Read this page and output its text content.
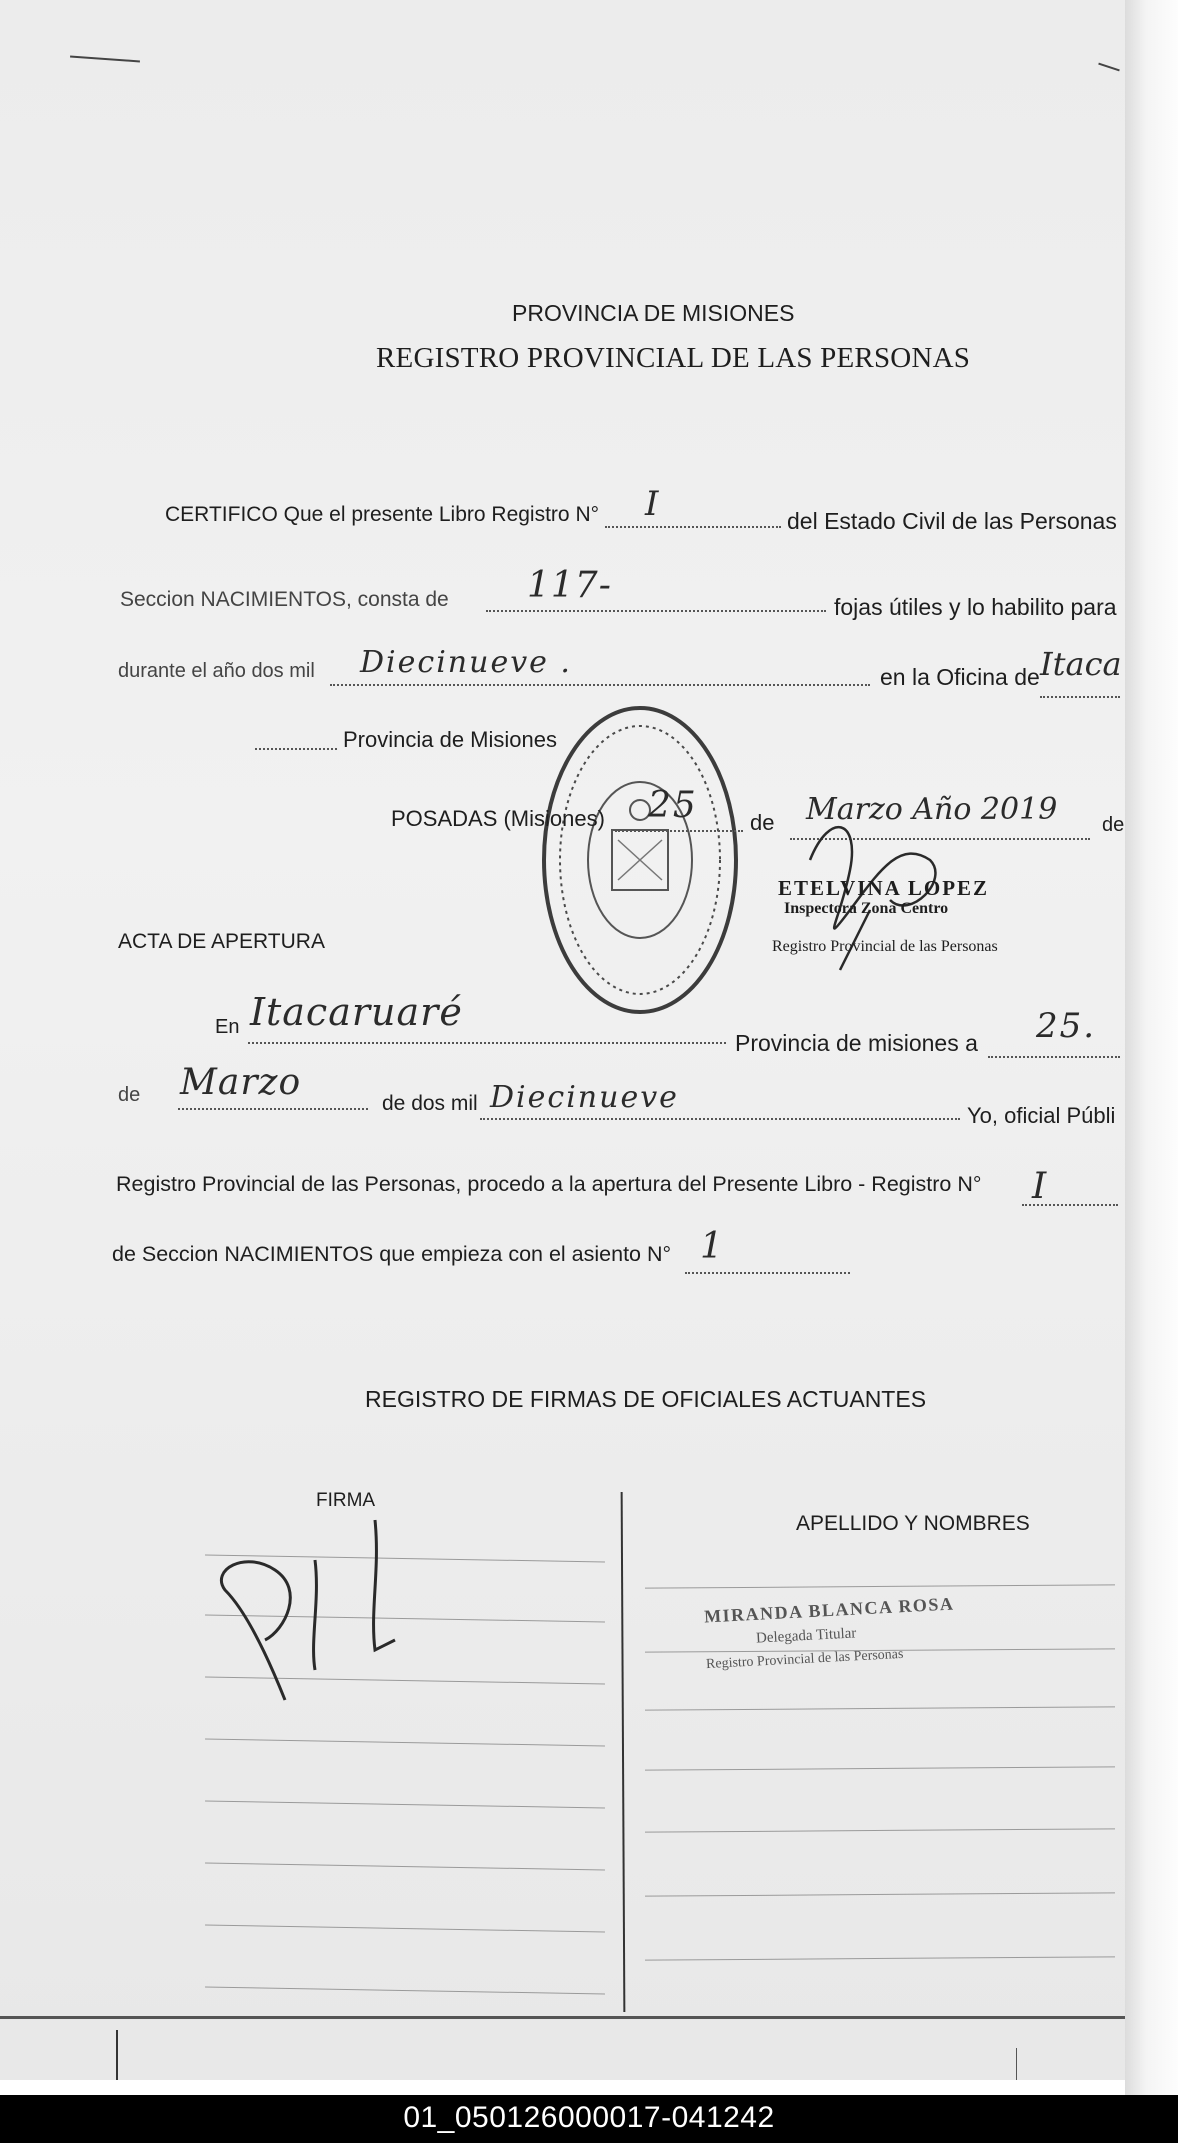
PROVINCIA DE MISIONES
REGISTRO PROVINCIAL DE LAS PERSONAS
CERTIFICO Que el presente Libro Registro N° I	del Estado Civil de las Personas
Seccion NACIMIENTOS, consta de 117-
fojas útiles y lo habilito para
durante el año dos mil Diecinueve .	en la Oficina de Itaca
Provincia de Misiones
POSADAS (Misiones) 25 de Marzo Año 2019 de
ETELVINA LOPEZ
Inspectora Zona Centro
Registro Provincial de las Personas
ACTA DE APERTURA
En Itacaruaré
Provincia de misiones a 25.
de Marzo
de dos mil Diecinueve
Yo, oficial Públi
Registro Provincial de las Personas, procedo a la apertura del Presente Libro - Registro N° I
de Seccion NACIMIENTOS que empieza con el asiento N° 1
REGISTRO DE FIRMAS DE OFICIALES ACTUANTES
FIRMA
APELLIDO Y NOMBRES
MIRANDA BLANCA ROSA
Delegada Titular
Registro Provincial de las Personas
01_050126000017-041242
